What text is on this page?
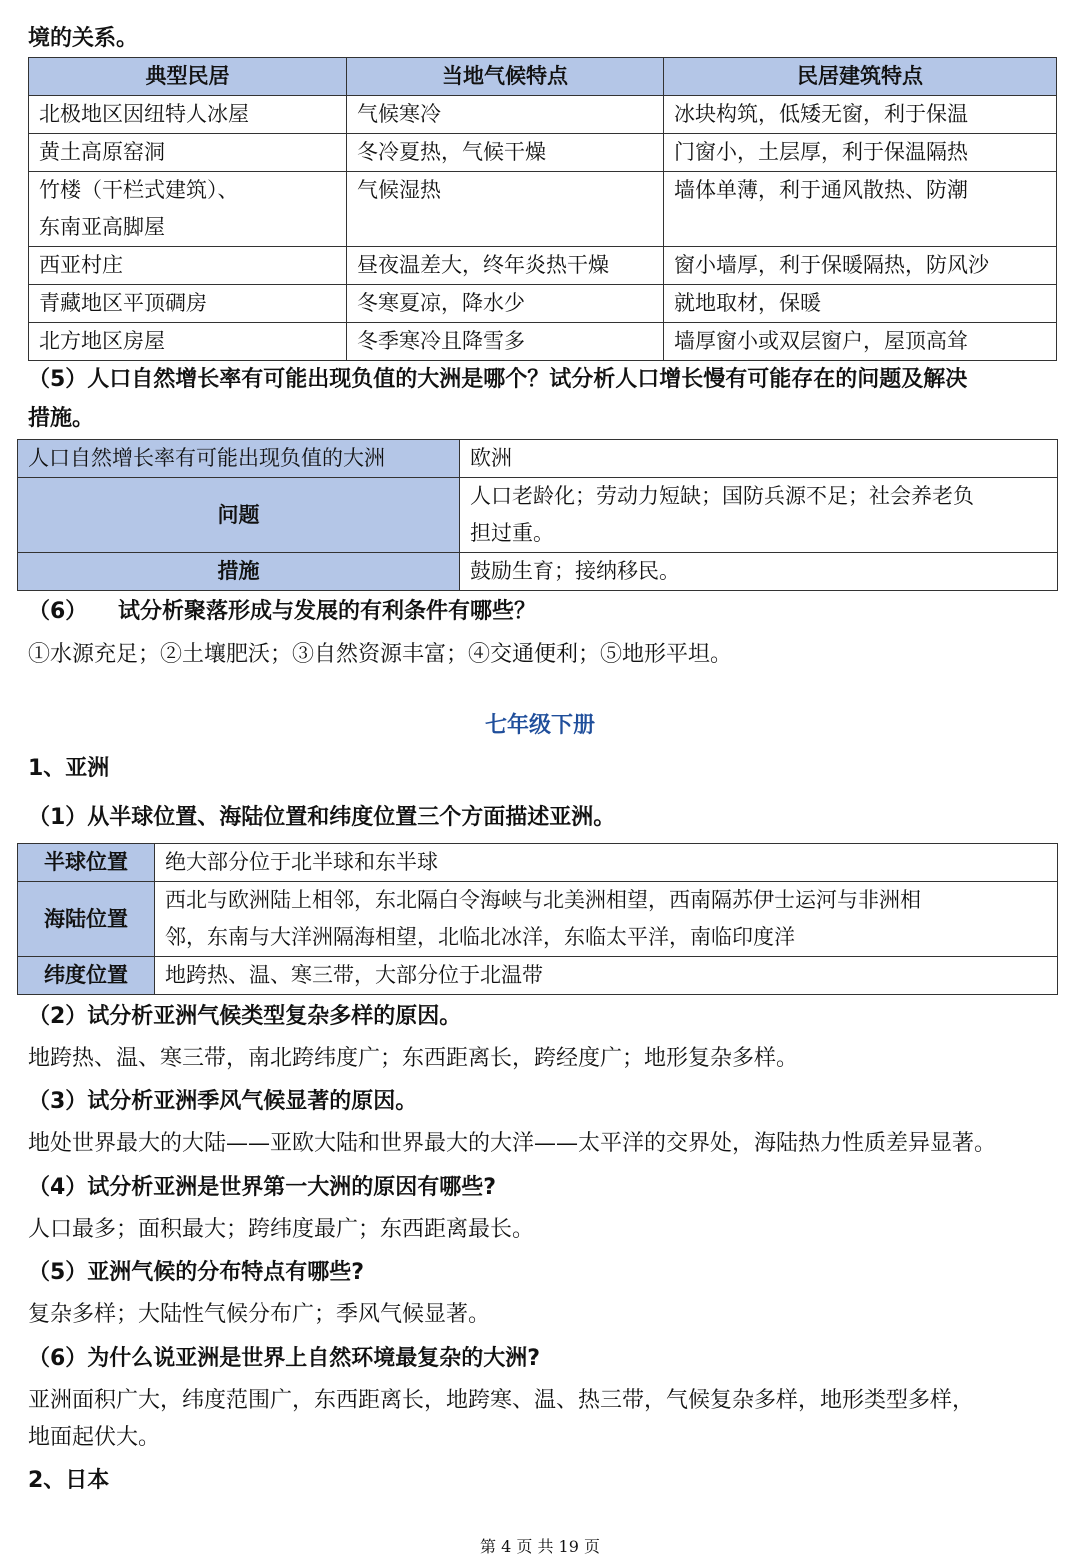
境的关系。
典型民居	当地气候特点	民居建筑特点
北极地区因纽特人冰屋	气候寒冷	冰块构筑，低矮无窗，利于保温
黄土高原窑洞	冬冷夏热，气候干燥	门窗小，土层厚，利于保温隔热

竹楼（干栏式建筑）、
东南亚高脚屋	气候湿热	墙体单薄，利于通风散热、防潮
西亚村庄	昼夜温差大，终年炎热干燥	窗小墙厚，利于保暖隔热，防风沙
青藏地区平顶碉房	冬寒夏凉，降水少	就地取材，保暖
北方地区房屋	冬季寒冷且降雪多	墙厚窗小或双层窗户，屋顶高耸
（5）人口自然增长率有可能出现负值的大洲是哪个？试分析人口增长慢有可能存在的问题及解决
措施。
人口自然增长率有可能出现负值的大洲	欧洲
问题	人口老龄化；劳动力短缺；国防兵源不足；社会养老负
担过重。

措施	鼓励生育；接纳移民。
（6）    试分析聚落形成与发展的有利条件有哪些？
①水源充足；②土壤肥沃；③自然资源丰富；④交通便利；⑤地形平坦。
七年级下册
1、亚洲
（1）从半球位置、海陆位置和纬度位置三个方面描述亚洲。
半球位置	绝大部分位于北半球和东半球
海陆位置	西北与欧洲陆上相邻，东北隔白令海峡与北美洲相望，西南隔苏伊士运河与非洲相
邻，东南与大洋洲隔海相望，北临北冰洋，东临太平洋，南临印度洋

纬度位置	地跨热、温、寒三带，大部分位于北温带
（2）试分析亚洲气候类型复杂多样的原因。
地跨热、温、寒三带，南北跨纬度广；东西距离长，跨经度广；地形复杂多样。
（3）试分析亚洲季风气候显著的原因。
地处世界最大的大陆——亚欧大陆和世界最大的大洋——太平洋的交界处，海陆热力性质差异显著。
（4）试分析亚洲是世界第一大洲的原因有哪些?
人口最多；面积最大；跨纬度最广；东西距离最长。
（5）亚洲气候的分布特点有哪些?
复杂多样；大陆性气候分布广；季风气候显著。
（6）为什么说亚洲是世界上自然环境最复杂的大洲?
亚洲面积广大，纬度范围广，东西距离长，地跨寒、温、热三带，气候复杂多样，地形类型多样，
地面起伏大。
2、日本
第 4 页 共 19 页
